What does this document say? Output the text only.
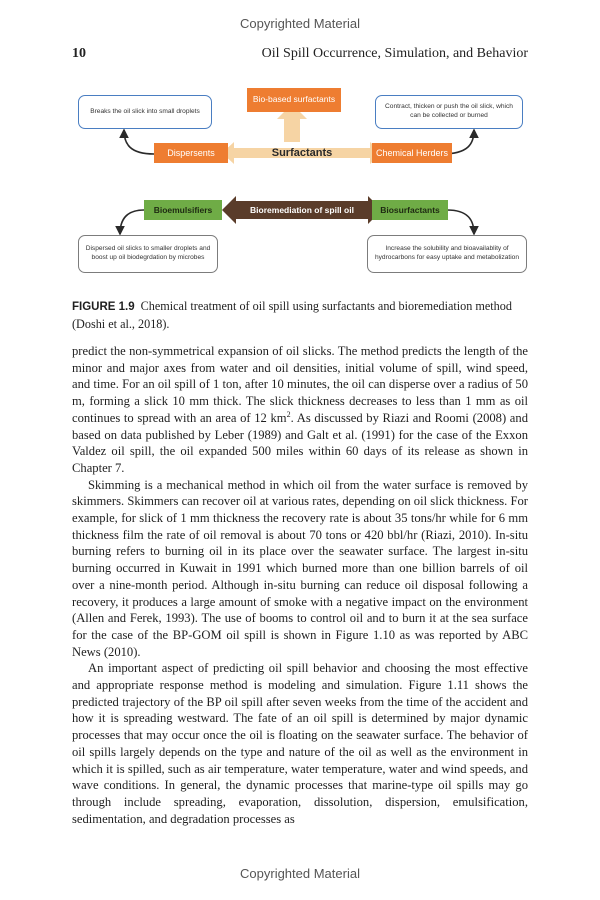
Copyrighted Material
10	Oil Spill Occurrence, Simulation, and Behavior
Breaks the oil slick into small droplets
Contract, thicken or push the oil slick, which can be collected or burned
Bio-based surfactants
Dispersents	Surfactants	Chemical Herders
Bioemulsifiers	Bioremediation of spill oil	Biosurfactants
Dispersed oil slicks to smaller droplets and boost up oil biodegrdation by microbes
Increase the solubility and bioavailablity of hydrocarbons for easy uptake and metabolization
FIGURE 1.9 Chemical treatment of oil spill using surfactants and bioremediation method (Doshi et al., 2018).

predict the non-symmetrical expansion of oil slicks. The method predicts the length of the minor and major axes from water and oil densities, initial volume of spill, wind speed, and time. For an oil spill of 1 ton, after 10 minutes, the oil can disperse over a radius of 50 m, forming a slick 10 mm thick. The slick thickness decreases to less than 1 mm as oil continues to spread with an area of 12 $km^2$. As discussed by Riazi and Roomi (2008) and based on data published by Leber (1989) and Galt et al. (1991) for the case of the Exxon Valdez oil spill, the oil expanded 500 miles within 60 days of its release as shown in Chapter 7.

Skimming is a mechanical method in which oil from the water surface is removed by skimmers. Skimmers can recover oil at various rates, depending on oil slick thickness. For example, for slick of 1 mm thickness the recovery rate is about 35 tons/hr while for 6 mm thickness film the rate of oil removal is about 70 tons or 420 bbl/hr (Riazi, 2010). In-situ burning refers to burning oil in its place over the seawater surface. The largest in-situ burning occurred in Kuwait in 1991 which burned more than one billion barrels of oil over a nine-month period. Although in-situ burning can reduce oil disposal following a recovery, it produces a large amount of smoke with a negative impact on the environment (Allen and Ferek, 1993). The use of booms to control oil and to burn it at the sea surface for the case of the BP-GOM oil spill is shown in Figure 1.10 as was reported by ABC News (2010).

An important aspect of predicting oil spill behavior and choosing the most effective and appropriate response method is modeling and simulation. Figure 1.11 shows the predicted trajectory of the BP oil spill after seven weeks from the time of the accident and how it is spreading westward. The fate of an oil spill is determined by major dynamic processes that may occur once the oil is floating on the seawater surface. The behavior of oil spills largely depends on the type and nature of the oil as well as the environment in which it is spilled, such as air temperature, water temperature, water and wind speeds, and wave conditions. In general, the dynamic processes that marine-type oil spills may go through include spreading, evaporation, dissolution, dispersion, emulsification, sedimentation, and degradation processes as

Copyrighted Material
